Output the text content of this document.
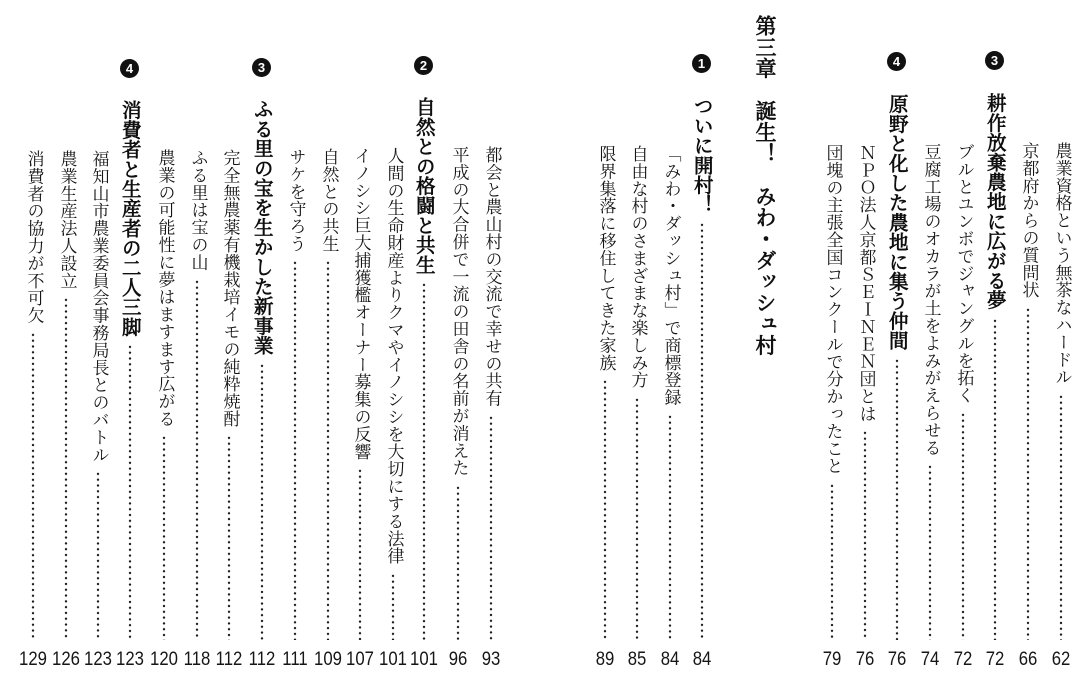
農業資格という無茶なハードル
62
京都府からの質問状
66
3
耕作放棄農地に広がる夢
72
ブルとユンボでジャングルを拓く
72
豆腐工場のオカラが土をよみがえらせる
74
4
原野と化した農地に集う仲間
76
ＮＰＯ法人京都ＳＥＩＮＥＮ団とは
76
団塊の主張全国コンクールで分かったこと
79
第三章　誕生！　みわ・ダッシュ村
1
ついに開村！
84
「みわ・ダッシュ村」で商標登録
84
自由な村のさまざまな楽しみ方
85
限界集落に移住してきた家族
89
都会と農山村の交流で幸せの共有
93
平成の大合併で一流の田舎の名前が消えた
96
2
自然との格闘と共生
101
人間の生命財産よりクマやイノシシを大切にする法律
101
イノシシ巨大捕獲檻オーナー募集の反響
107
自然との共生
109
サケを守ろう
111
3
ふる里の宝を生かした新事業
112
完全無農薬有機栽培イモの純粋焼酎
112
ふる里は宝の山
118
農業の可能性に夢はますます広がる
120
4
消費者と生産者の二人三脚
123
福知山市農業委員会事務局長とのバトル
123
農業生産法人設立
126
消費者の協力が不可欠
129
